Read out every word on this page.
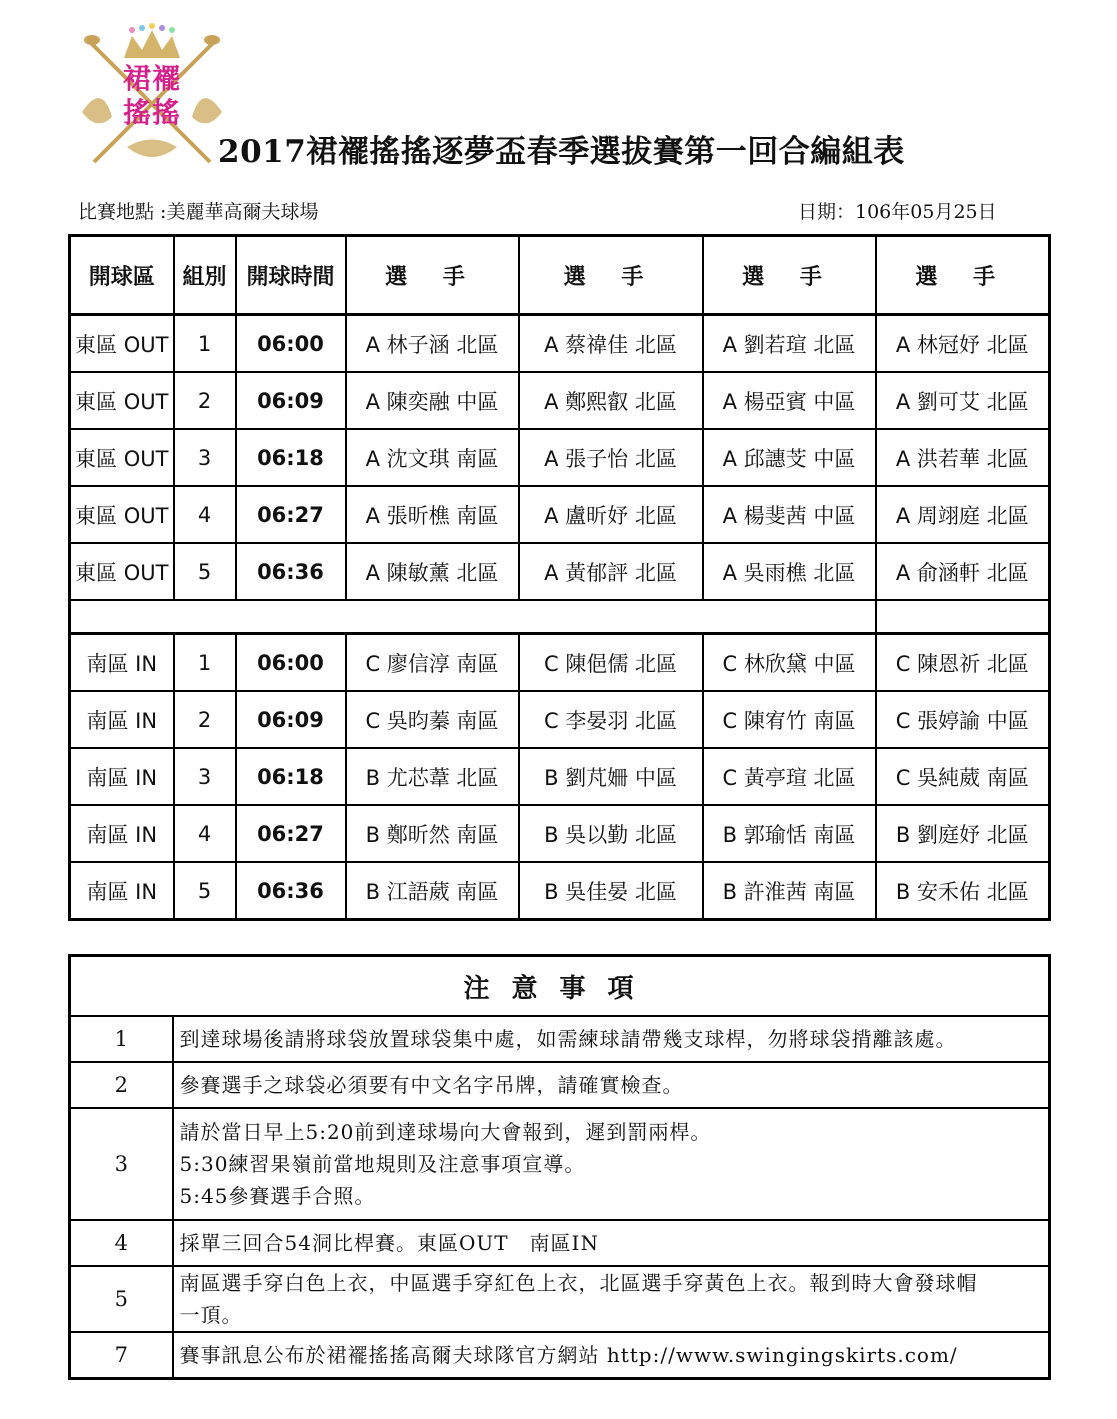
裙襬
搖搖
2017裙襬搖搖逐夢盃春季選拔賽第一回合編組表
比賽地點 :美麗華高爾夫球場	日期：106年05月25日
開球區	組別	開球時間	選 手	選 手	選 手	選 手
東區 OUT	1	06:00	A 林子涵 北區	A 蔡禕佳 北區	A 劉若瑄 北區	A 林冠妤 北區
東區 OUT	2	06:09	A 陳奕融 中區	A 鄭熙叡 北區	A 楊亞賓 中區	A 劉可艾 北區
東區 OUT	3	06:18	A 沈文琪 南區	A 張子怡 北區	A 邱譓芠 中區	A 洪若華 北區
東區 OUT	4	06:27	A 張昕樵 南區	A 盧昕妤 北區	A 楊斐茜 中區	A 周翊庭 北區
東區 OUT	5	06:36	A 陳敏薰 北區	A 黃郁評 北區	A 吳雨樵 北區	A 俞涵軒 北區

南區 IN	1	06:00	C 廖信淳 南區	C 陳俋儒 北區	C 林欣黛 中區	C 陳恩祈 北區
南區 IN	2	06:09	C 吳昀蓁 南區	C 李晏羽 北區	C 陳宥竹 南區	C 張婷諭 中區
南區 IN	3	06:18	B 尤芯葦 北區	B 劉芃姍 中區	C 黃亭瑄 北區	C 吳純葳 南區
南區 IN	4	06:27	B 鄭昕然 南區	B 吳以勤 北區	B 郭瑜恬 南區	B 劉庭妤 北區
南區 IN	5	06:36	B 江語葳 南區	B 吳佳晏 北區	B 許淮茜 南區	B 安禾佑 北區
注意事項	
1	到達球場後請將球袋放置球袋集中處，如需練球請帶幾支球桿，勿將球袋揹離該處。

2	參賽選手之球袋必須要有中文名字吊牌，請確實檢查。

3	請於當日早上5:20前到達球場向大會報到，遲到罰兩桿。
5:30練習果嶺前當地規則及注意事項宣導。
5:45參賽選手合照。

4	採單三回合54洞比桿賽。東區OUT　南區IN

5	南區選手穿白色上衣，中區選手穿紅色上衣，北區選手穿黃色上衣。報到時大會發球帽
一頂。

7	賽事訊息公布於裙襬搖搖高爾夫球隊官方網站 http://www.swingingskirts.com/
